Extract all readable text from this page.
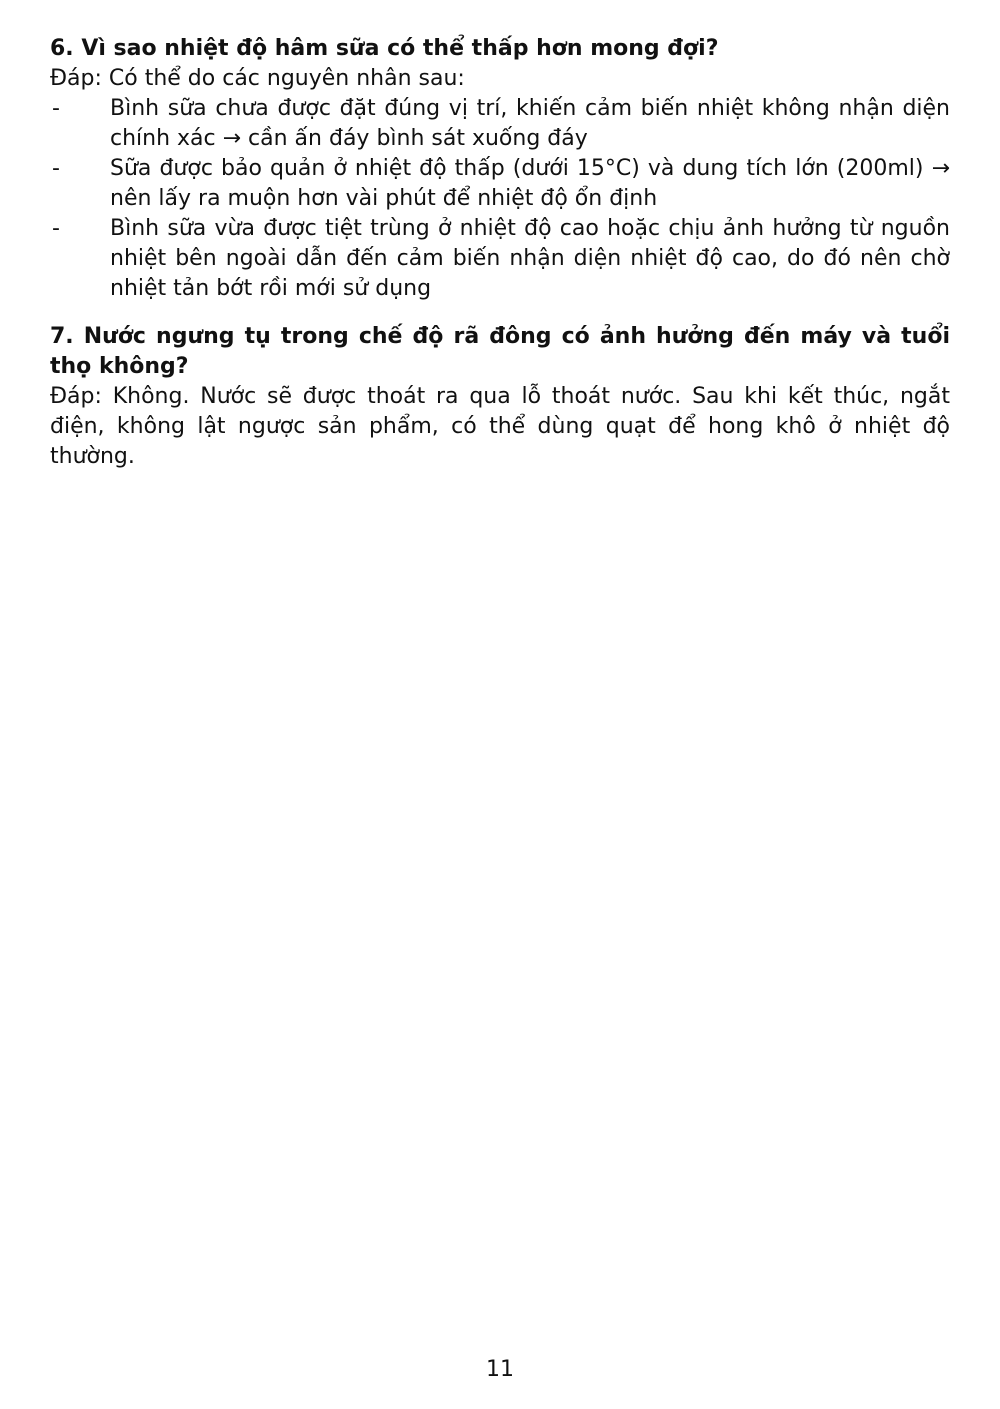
6. Vì sao nhiệt độ hâm sữa có thể thấp hơn mong đợi?

Đáp: Có thể do các nguyên nhân sau:

- Bình sữa chưa được đặt đúng vị trí, khiến cảm biến nhiệt không nhận diện chính xác → cần ấn đáy bình sát xuống đáy
- Sữa được bảo quản ở nhiệt độ thấp (dưới 15°C) và dung tích lớn (200ml) → nên lấy ra muộn hơn vài phút để nhiệt độ ổn định
- Bình sữa vừa được tiệt trùng ở nhiệt độ cao hoặc chịu ảnh hưởng từ nguồn nhiệt bên ngoài dẫn đến cảm biến nhận diện nhiệt độ cao, do đó nên chờ nhiệt tản bớt rồi mới sử dụng

7. Nước ngưng tụ trong chế độ rã đông có ảnh hưởng đến máy và tuổi thọ không?

Đáp: Không. Nước sẽ được thoát ra qua lỗ thoát nước. Sau khi kết thúc, ngắt điện, không lật ngược sản phẩm, có thể dùng quạt để hong khô ở nhiệt độ thường.

11
